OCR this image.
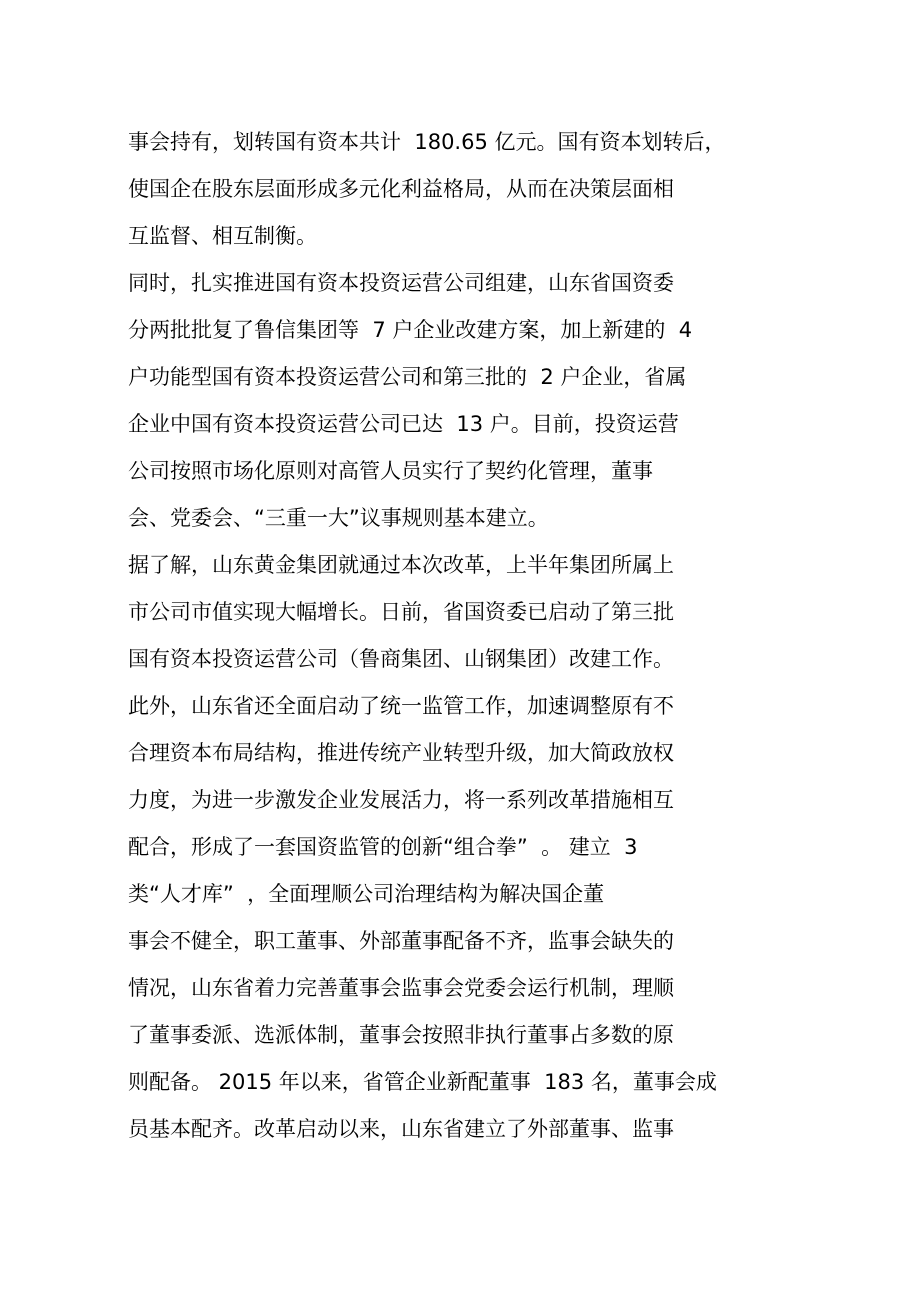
事会持有，划转国有资本共计  180.65 亿元。国有资本划转后，
使国企在股东层面形成多元化利益格局，从而在决策层面相
互监督、相互制衡。
同时，扎实推进国有资本投资运营公司组建，山东省国资委
分两批批复了鲁信集团等  7 户企业改建方案，加上新建的  4
户功能型国有资本投资运营公司和第三批的  2 户企业，省属
企业中国有资本投资运营公司已达  13 户。目前，投资运营
公司按照市场化原则对高管人员实行了契约化管理，董事
会、党委会、“三重一大”议事规则基本建立。
据了解，山东黄金集团就通过本次改革，上半年集团所属上
市公司市值实现大幅增长。日前，省国资委已启动了第三批
国有资本投资运营公司（鲁商集团、山钢集团）改建工作。
此外，山东省还全面启动了统一监管工作，加速调整原有不
合理资本布局结构，推进传统产业转型升级，加大简政放权
力度，为进一步激发企业发展活力，将一系列改革措施相互
配合，形成了一套国资监管的创新“组合拳”  。 建立  3
类“人才库”  ，全面理顺公司治理结构为解决国企董
事会不健全，职工董事、外部董事配备不齐，监事会缺失的
情况，山东省着力完善董事会监事会党委会运行机制，理顺
了董事委派、选派体制，董事会按照非执行董事占多数的原
则配备。 2015 年以来，省管企业新配董事  183 名，董事会成
员基本配齐。改革启动以来，山东省建立了外部董事、监事
